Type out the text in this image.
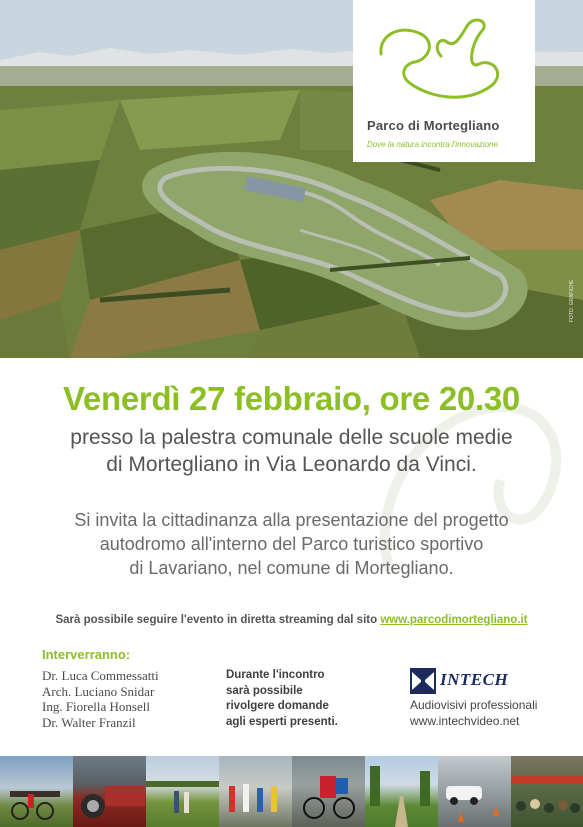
FOTO: GRAFICHE
Parco di Mortegliano
Dove la natura incontra l'innovazione
Venerdì 27 febbraio, ore 20.30
presso la palestra comunale delle scuole medie
di Mortegliano in Via Leonardo da Vinci.
Si invita la cittadinanza alla presentazione del progetto
autodromo all'interno del Parco turistico sportivo
di Lavariano, nel comune di Mortegliano.
Sarà possibile seguire l'evento in diretta streaming dal sito www.parcodimortegliano.it
Interverranno:
Dr. Luca Commessatti
Arch. Luciano Snidar
Ing. Fiorella Honsell
Dr. Walter Franzil
Durante l'incontro
sarà possibile
rivolgere domande
agli esperti presenti.
INTECH
Audiovisivi professionali
www.intechvideo.net
